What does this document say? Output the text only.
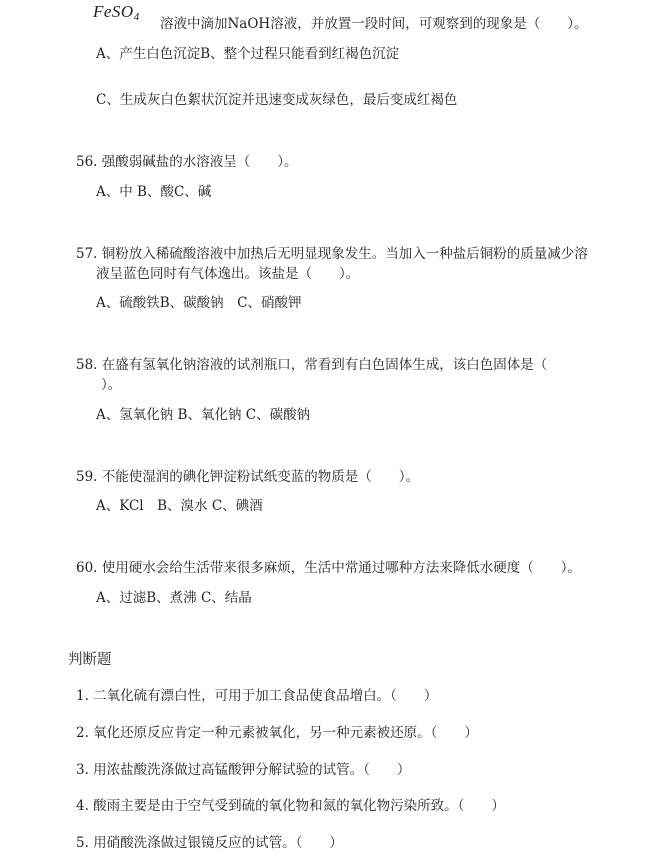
FeSO$_4$ 溶液中滴加NaOH溶液，并放置一段时间，可观察到的现象是（　　）。
A、产生白色沉淀B、整个过程只能看到红褐色沉淀
C、生成灰白色絮状沉淀并迅速变成灰绿色，最后变成红褐色
56. 强酸弱碱盐的水溶液呈（　　）。
A、中 B、酸C、碱
57. 铜粉放入稀硫酸溶液中加热后无明显现象发生。当加入一种盐后铜粉的质量减少溶
液呈蓝色同时有气体逸出。该盐是（　　）。
A、硫酸铁B、碳酸钠　C、硝酸钾
58. 在盛有氢氧化钠溶液的试剂瓶口，常看到有白色固体生成，该白色固体是（
）。
A、氢氧化钠 B、氧化钠 C、碳酸钠
59. 不能使湿润的碘化钾淀粉试纸变蓝的物质是（　　）。
A、KCl　B、溴水 C、碘酒
60. 使用硬水会给生活带来很多麻烦，生活中常通过哪种方法来降低水硬度（　　）。
A、过滤B、煮沸 C、结晶
判断题
1. 二氧化硫有漂白性，可用于加工食品使食品增白。（　　）
2. 氧化还原反应肯定一种元素被氧化，另一种元素被还原。（　　）
3. 用浓盐酸洗涤做过高锰酸钾分解试验的试管。（　　）
4. 酸雨主要是由于空气受到硫的氧化物和氮的氧化物污染所致。（　　）
5. 用硝酸洗涤做过银镜反应的试管。（　　）
